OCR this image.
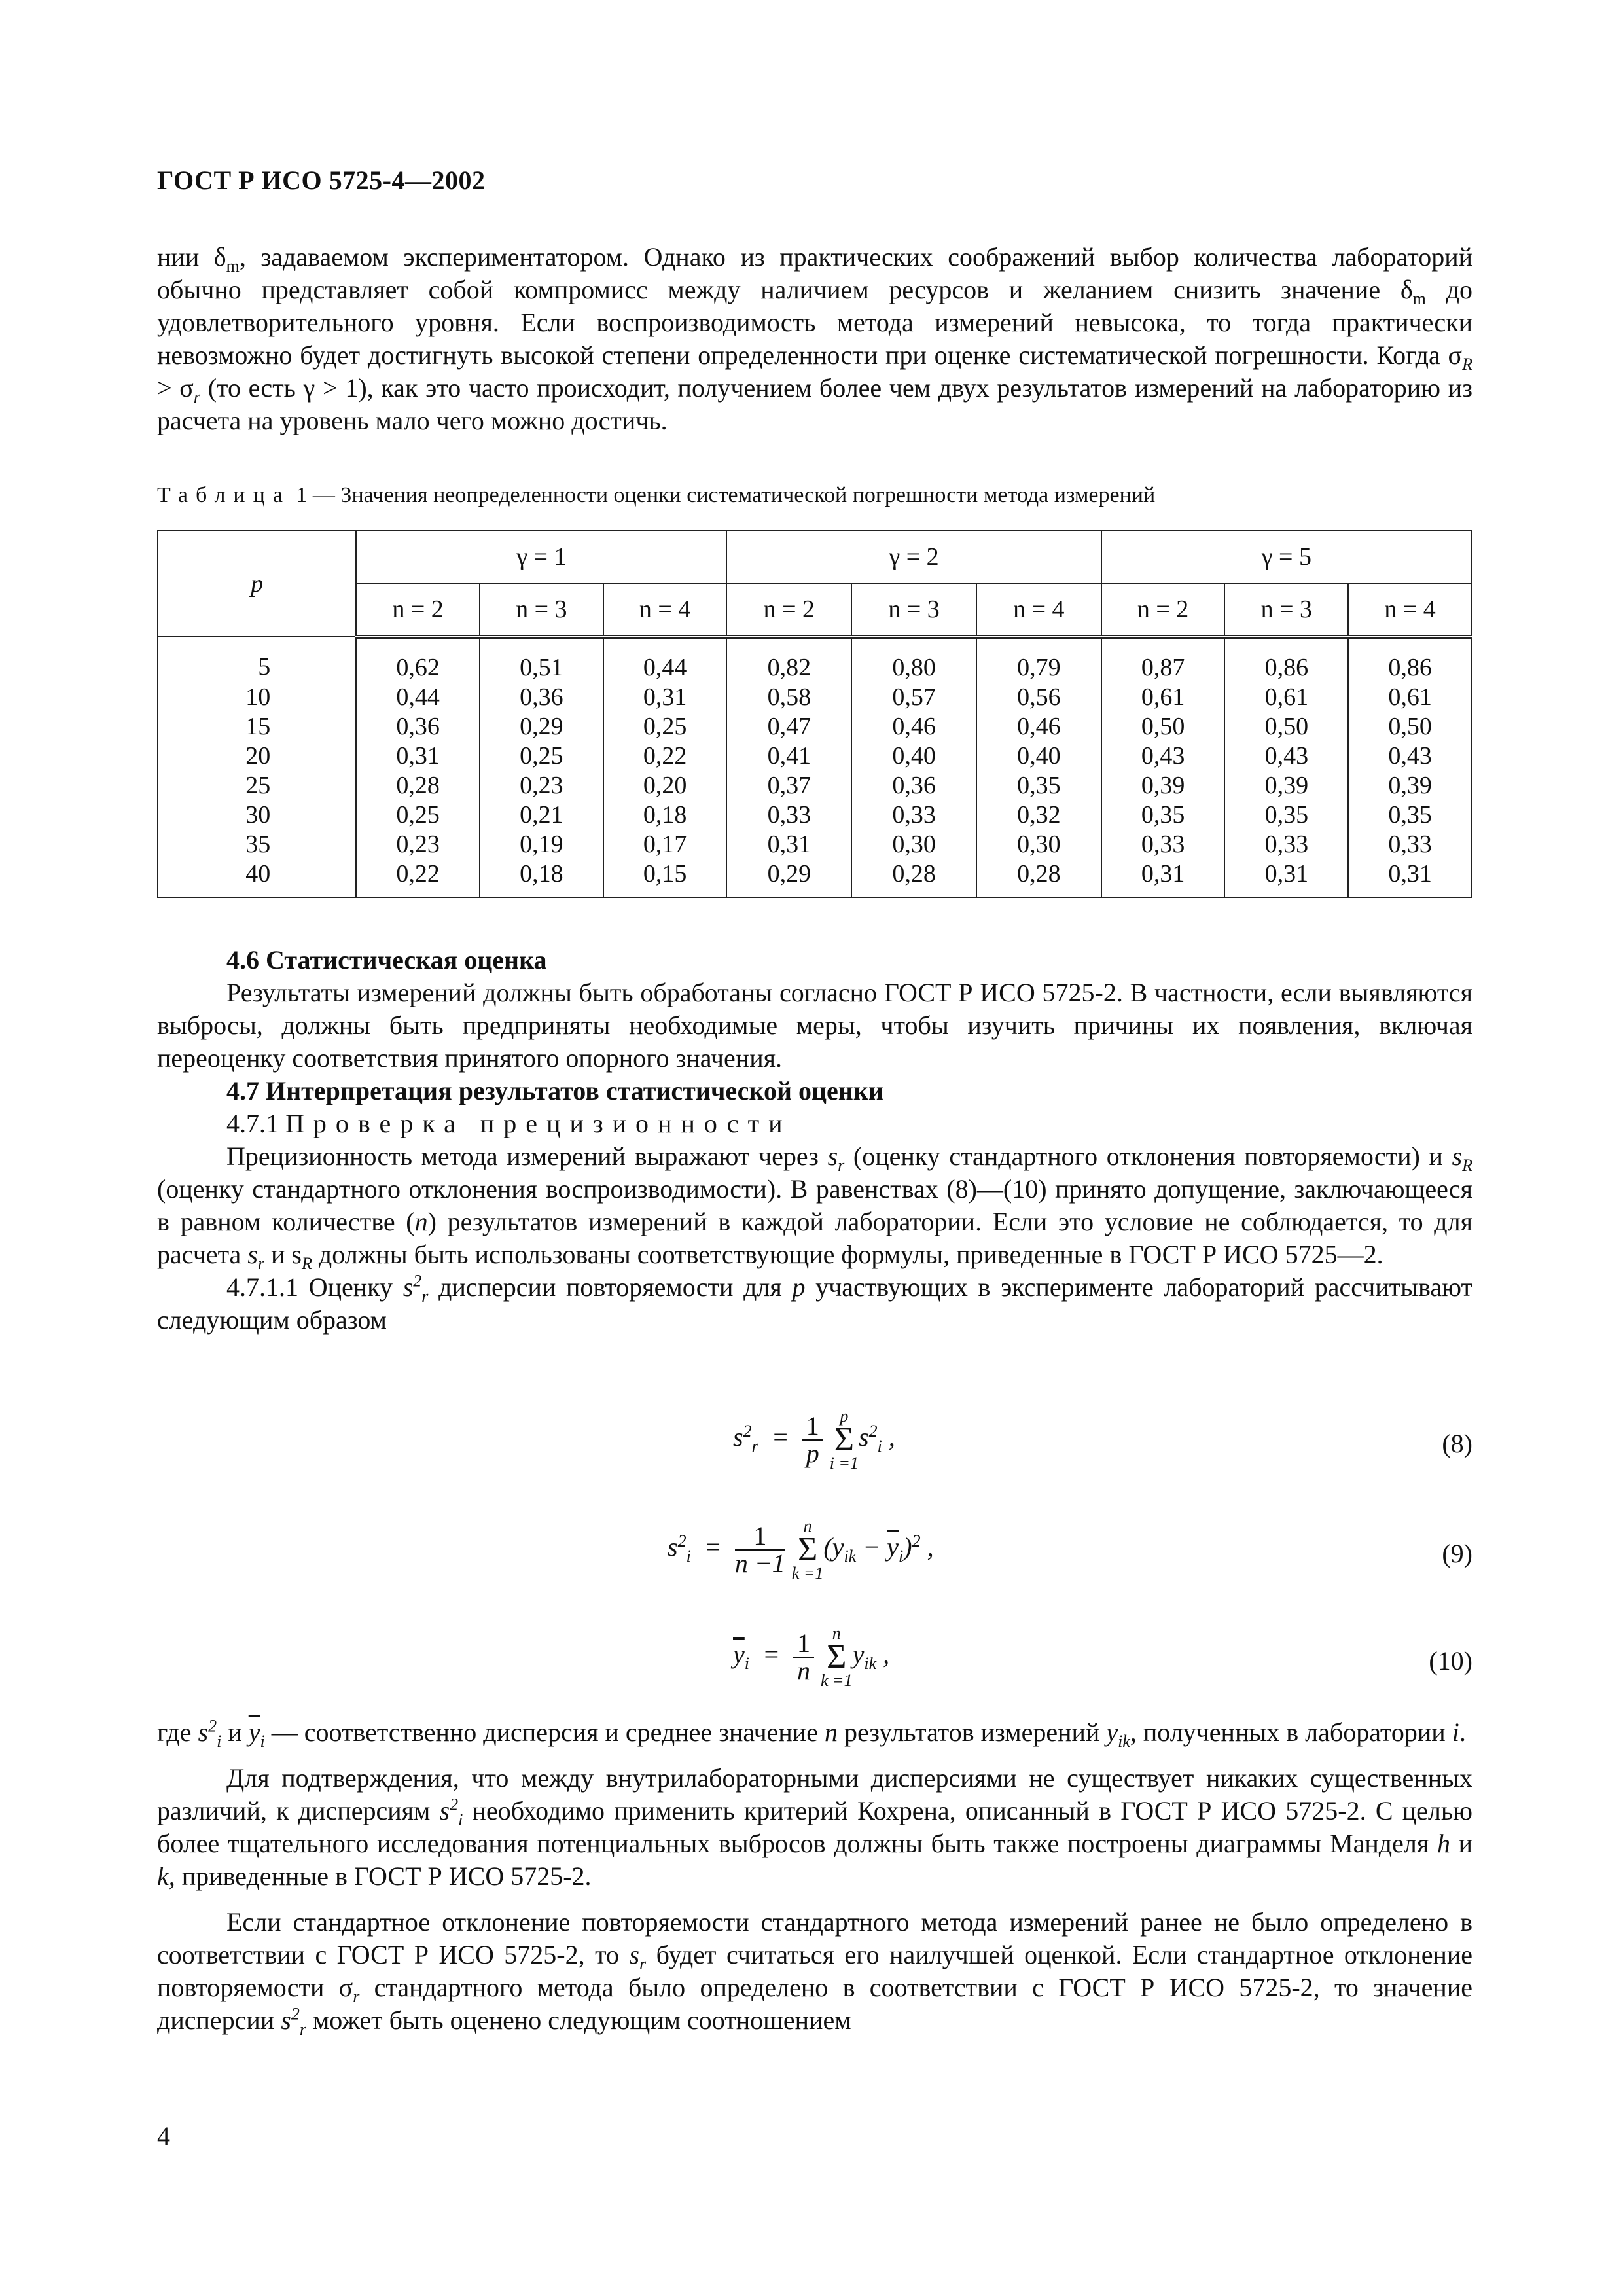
ГОСТ Р ИСО 5725-4—2002

нии $\delta_m$, задаваемом экспериментатором. Однако из практических соображений выбор количества лабораторий обычно представляет собой компромисс между наличием ресурсов и желанием снизить значение $\delta_m$ до удовлетворительного уровня. Если воспроизводимость метода измерений невысока, то тогда практически невозможно будет достигнуть высокой степени определенности при оценке систематической погрешности. Когда $\sigma_R > \sigma_r$ (то есть γ > 1), как это часто происходит, получением более чем двух результатов измерений на лабораторию из расчета на уровень мало чего можно достичь.

Таблица 1 — Значения неопределенности оценки систематической погрешности метода измерений
p	γ = 1			γ = 2			γ = 5		
	n = 2	n = 3	n = 4	n = 2	n = 3	n = 4	n = 2	n = 3	n = 4
5	0,62	0,51	0,44	0,82	0,80	0,79	0,87	0,86	0,86
10	0,44	0,36	0,31	0,58	0,57	0,56	0,61	0,61	0,61
15	0,36	0,29	0,25	0,47	0,46	0,46	0,50	0,50	0,50
20	0,31	0,25	0,22	0,41	0,40	0,40	0,43	0,43	0,43
25	0,28	0,23	0,20	0,37	0,36	0,35	0,39	0,39	0,39
30	0,25	0,21	0,18	0,33	0,33	0,32	0,35	0,35	0,35
35	0,23	0,19	0,17	0,31	0,30	0,30	0,33	0,33	0,33
40	0,22	0,18	0,15	0,29	0,28	0,28	0,31	0,31	0,31

4.6 Статистическая оценка

Результаты измерений должны быть обработаны согласно ГОСТ Р ИСО 5725-2. В частности, если выявляются выбросы, должны быть предприняты необходимые меры, чтобы изучить причины их появления, включая переоценку соответствия принятого опорного значения.

4.7 Интерпретация результатов статистической оценки

4.7.1 Проверка прецизионности

Прецизионность метода измерений выражают через $s_r$ (оценку стандартного отклонения повторяемости) и $s_R$ (оценку стандартного отклонения воспроизводимости). В равенствах (8)—(10) принято допущение, заключающееся в равном количестве (n) результатов измерений в каждой лаборатории. Если это условие не соблюдается, то для расчета $s_r$ и $s_R$ должны быть использованы соответствующие формулы, приведенные в ГОСТ Р ИСО 5725—2.

4.7.1.1 Оценку $s^2_r$ дисперсии повторяемости для p участвующих в эксперименте лабораторий рассчитывают следующим образом

$s^2_r = \frac{1}{p}$
p
Σ
i =1
$s^2_i$ ,	(8)
$s^2_i = \frac{1}{n -1}$
	n
Σ
k =1
$(y_{ik} - \overline{y}_i)^2$ ,	(9)
$\overline{y}_i = \frac{1}{n}$
	n
Σ
k =1
$y_{ik}$ ,	(10)

где $s^2_i$ и $\overline{y}_i$ — соответственно дисперсия и среднее значение n результатов измерений $y_{ik}$, полученных в лаборатории i.

Для подтверждения, что между внутрилабораторными дисперсиями не существует никаких существенных различий, к дисперсиям $s^2_i$ необходимо применить критерий Кохрена, описанный в ГОСТ Р ИСО 5725-2. С целью более тщательного исследования потенциальных выбросов должны быть также построены диаграммы Манделя h и k, приведенные в ГОСТ Р ИСО 5725-2.

Если стандартное отклонение повторяемости стандартного метода измерений ранее не было определено в соответствии с ГОСТ Р ИСО 5725-2, то $s_r$ будет считаться его наилучшей оценкой. Если стандартное отклонение повторяемости $\sigma_r$ стандартного метода было определено в соответствии с ГОСТ Р ИСО 5725-2, то значение дисперсии $s^2_r$ может быть оценено следующим соотношением

4
